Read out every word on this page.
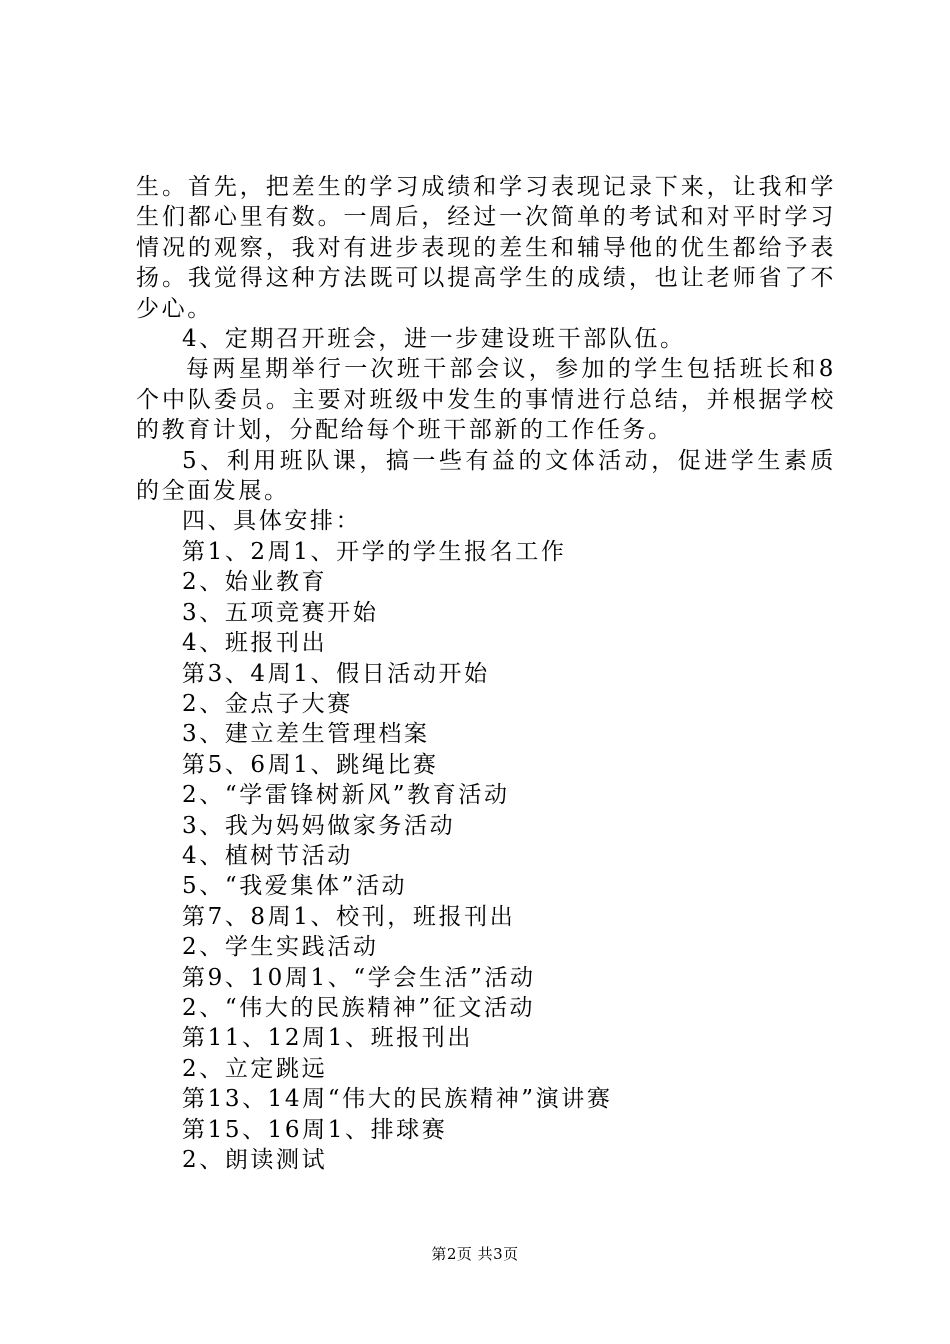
生。首先，把差生的学习成绩和学习表现记录下来，让我和学生们都心里有数。一周后，经过一次简单的考试和对平时学习情况的观察，我对有进步表现的差生和辅导他的优生都给予表扬。我觉得这种方法既可以提高学生的成绩，也让老师省了不少心。

4、定期召开班会，进一步建设班干部队伍。

每两星期举行一次班干部会议，参加的学生包括班长和8个中队委员。主要对班级中发生的事情进行总结，并根据学校的教育计划，分配给每个班干部新的工作任务。

5、利用班队课，搞一些有益的文体活动，促进学生素质的全面发展。

四、具体安排：

第1、2周1、开学的学生报名工作

2、始业教育

3、五项竞赛开始

4、班报刊出

第3、4周1、假日活动开始

2、金点子大赛

3、建立差生管理档案

第5、6周1、跳绳比赛

2、“学雷锋树新风”教育活动

3、我为妈妈做家务活动

4、植树节活动

5、“我爱集体”活动

第7、8周1、校刊，班报刊出

2、学生实践活动

第9、10周1、“学会生活”活动

2、“伟大的民族精神”征文活动

第11、12周1、班报刊出

2、立定跳远

第13、14周“伟大的民族精神”演讲赛

第15、16周1、排球赛

2、朗读测试

第2页 共3页
